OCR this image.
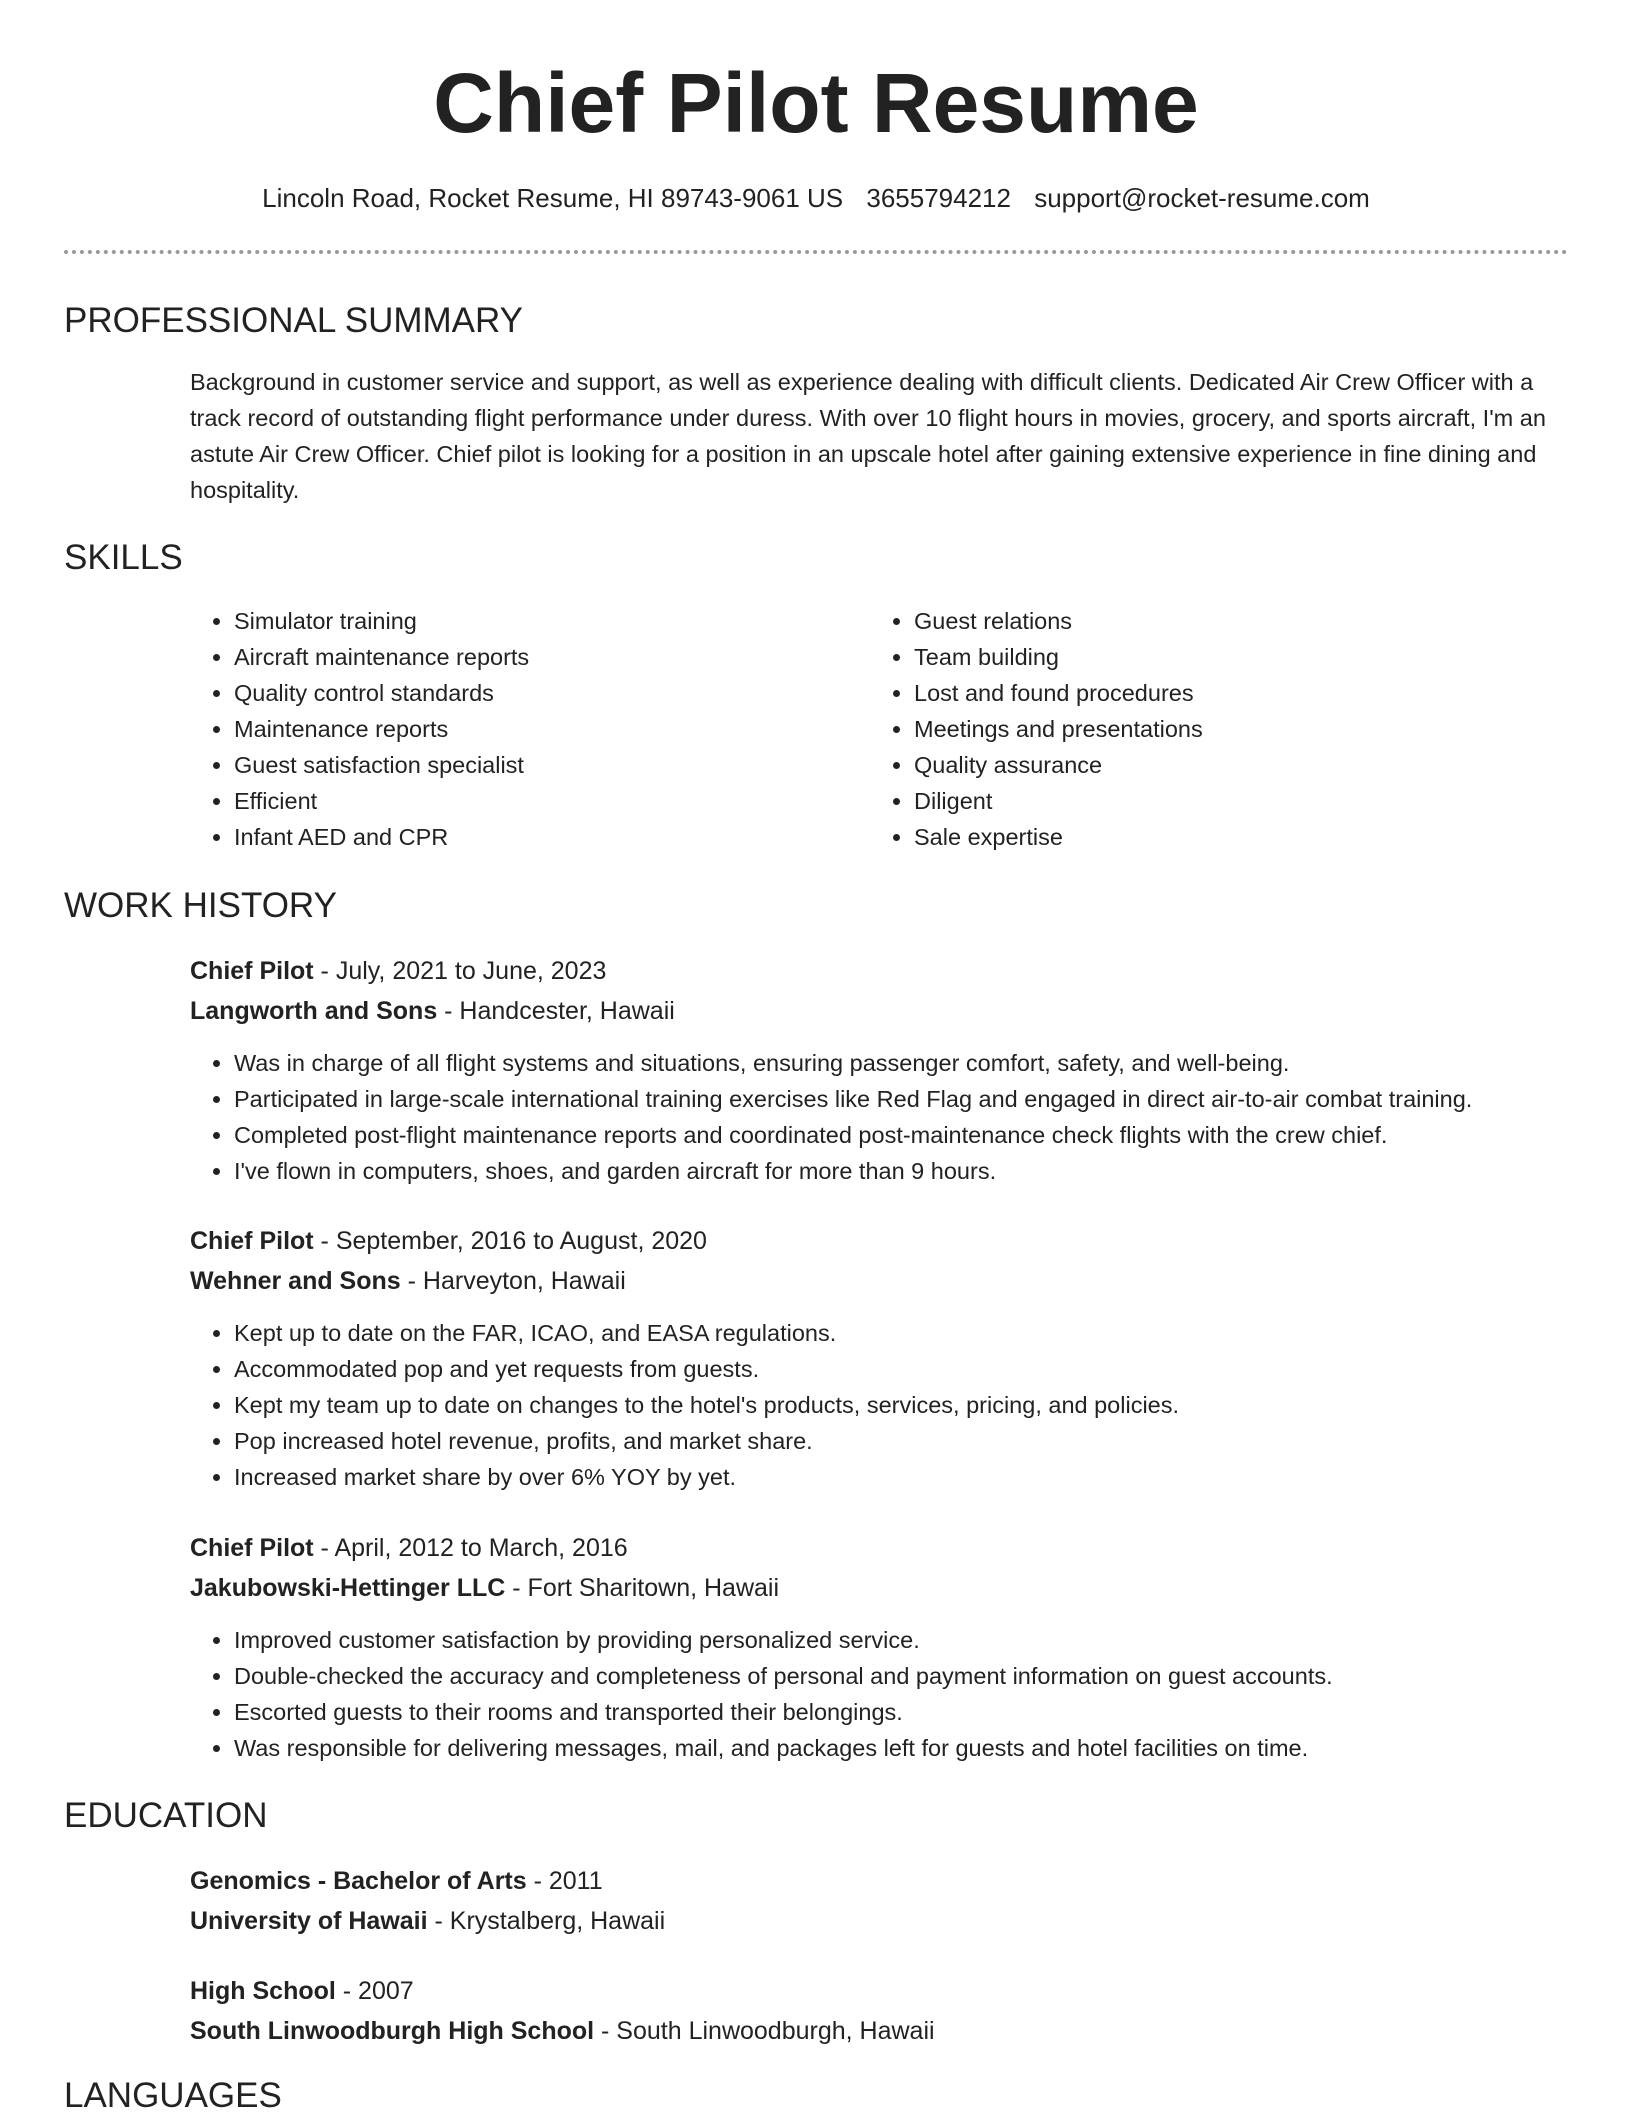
Chief Pilot Resume
Lincoln Road, Rocket Resume, HI 89743-9061 US 3655794212 support@rocket-resume.com
PROFESSIONAL SUMMARY

Background in customer service and support, as well as experience dealing with difficult clients. Dedicated Air Crew Officer with a track record of outstanding flight performance under duress. With over 10 flight hours in movies, grocery, and sports aircraft, I'm an astute Air Crew Officer. Chief pilot is looking for a position in an upscale hotel after gaining extensive experience in fine dining and hospitality.

SKILLS
• Simulator training
• Aircraft maintenance reports
• Quality control standards
• Maintenance reports
• Guest satisfaction specialist
• Efficient
• Infant AED and CPR
• Guest relations
• Team building
• Lost and found procedures
• Meetings and presentations
• Quality assurance
• Diligent
• Sale expertise
WORK HISTORY
Chief Pilot - July, 2021 to June, 2023
Langworth and Sons - Handcester, Hawaii
• Was in charge of all flight systems and situations, ensuring passenger comfort, safety, and well-being.
• Participated in large-scale international training exercises like Red Flag and engaged in direct air-to-air combat training.
• Completed post-flight maintenance reports and coordinated post-maintenance check flights with the crew chief.
• I've flown in computers, shoes, and garden aircraft for more than 9 hours.
Chief Pilot - September, 2016 to August, 2020
Wehner and Sons - Harveyton, Hawaii
• Kept up to date on the FAR, ICAO, and EASA regulations.
• Accommodated pop and yet requests from guests.
• Kept my team up to date on changes to the hotel's products, services, pricing, and policies.
• Pop increased hotel revenue, profits, and market share.
• Increased market share by over 6% YOY by yet.
Chief Pilot - April, 2012 to March, 2016
Jakubowski-Hettinger LLC - Fort Sharitown, Hawaii
• Improved customer satisfaction by providing personalized service.
• Double-checked the accuracy and completeness of personal and payment information on guest accounts.
• Escorted guests to their rooms and transported their belongings.
• Was responsible for delivering messages, mail, and packages left for guests and hotel facilities on time.
EDUCATION
Genomics - Bachelor of Arts - 2011
University of Hawaii - Krystalberg, Hawaii
High School - 2007
South Linwoodburgh High School - South Linwoodburgh, Hawaii
LANGUAGES
